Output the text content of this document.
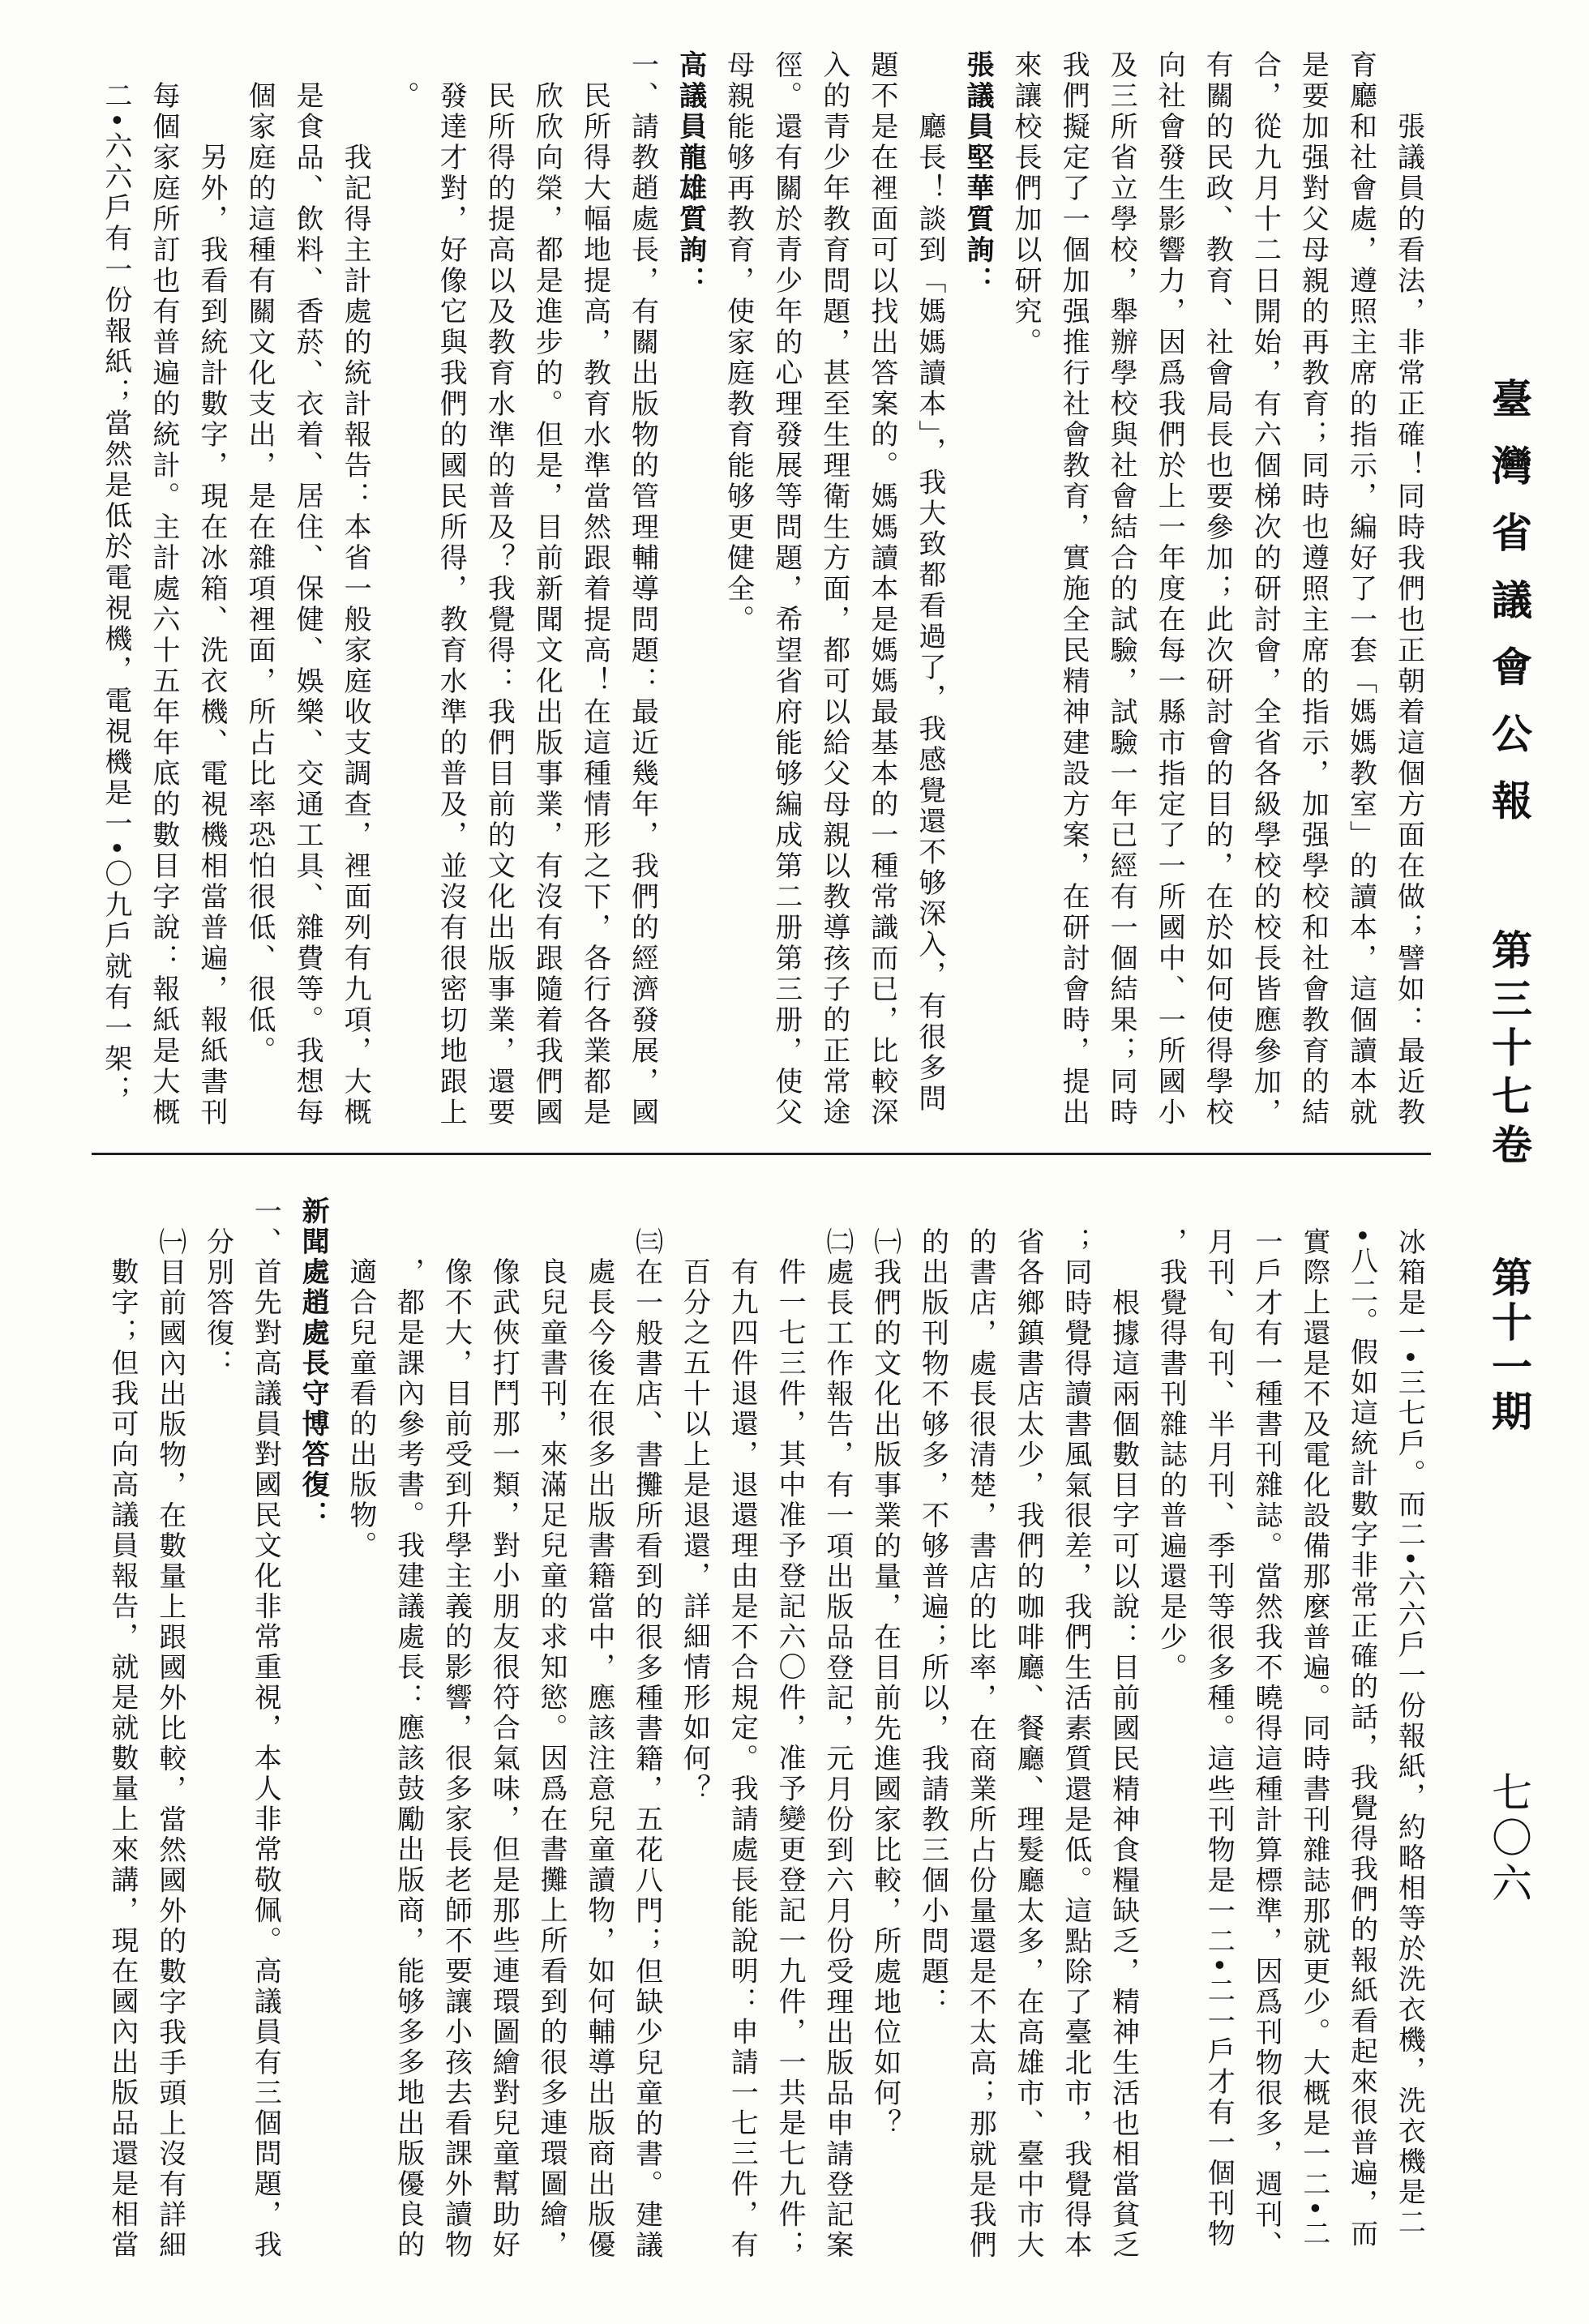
臺灣省議會公報
第三十七卷
第十一期
七〇六
張議員的看法，非常正確！同時我們也正朝着這個方面在做；譬如：最近教
育廳和社會處，遵照主席的指示，編好了一套「媽媽教室」的讀本，這個讀本就
是要加强對父母親的再教育；同時也遵照主席的指示，加强學校和社會教育的結
合，從九月十二日開始，有六個梯次的研討會，全省各級學校的校長皆應參加，
有關的民政、教育、社會局長也要參加；此次研討會的目的，在於如何使得學校
向社會發生影響力，因爲我們於上一年度在每一縣市指定了一所國中、一所國小
及三所省立學校，舉辦學校與社會結合的試驗，試驗一年已經有一個結果；同時
我們擬定了一個加强推行社會教育，實施全民精神建設方案，在研討會時，提出
來讓校長們加以研究。
張議員堅華質詢：
廳長！談到「媽媽讀本」，我大致都看過了，我感覺還不够深入，有很多問
題不是在裡面可以找出答案的。媽媽讀本是媽媽最基本的一種常識而已，比較深
入的青少年教育問題，甚至生理衛生方面，都可以給父母親以教導孩子的正常途
徑。還有關於青少年的心理發展等問題，希望省府能够編成第二册第三册，使父
母親能够再教育，使家庭教育能够更健全。
高議員龍雄質詢：
一、請教趙處長，有關出版物的管理輔導問題：最近幾年，我們的經濟發展，國
民所得大幅地提高，教育水準當然跟着提高！在這種情形之下，各行各業都是
欣欣向榮，都是進步的。但是，目前新聞文化出版事業，有沒有跟隨着我們國
民所得的提高以及教育水準的普及？我覺得：我們目前的文化出版事業，還要
發達才對，好像它與我們的國民所得，教育水準的普及，並沒有很密切地跟上
。
我記得主計處的統計報告：本省一般家庭收支調查，裡面列有九項，大概
是食品、飲料、香菸、衣着、居住、保健、娛樂、交通工具、雜費等。我想每
個家庭的這種有關文化支出，是在雜項裡面，所占比率恐怕很低、很低。
另外，我看到統計數字，現在冰箱、洗衣機、電視機相當普遍，報紙書刊
每個家庭所訂也有普遍的統計。主計處六十五年年底的數目字說：報紙是大概
二•六六戶有一份報紙；當然是低於電視機，電視機是一•〇九戶就有一架；
冰箱是一•三七戶。而二•六六戶一份報紙，約略相等於洗衣機，洗衣機是二
•八二。假如這統計數字非常正確的話，我覺得我們的報紙看起來很普遍，而
實際上還是不及電化設備那麼普遍。同時書刊雜誌那就更少。大概是一二•二
一戶才有一種書刊雜誌。當然我不曉得這種計算標準，因爲刊物很多，週刊、
月刊、旬刊、半月刊、季刊等很多種。這些刊物是一二•二一戶才有一個刊物
，我覺得書刊雜誌的普遍還是少。
根據這兩個數目字可以說：目前國民精神食糧缺乏，精神生活也相當貧乏
；同時覺得讀書風氣很差，我們生活素質還是低。這點除了臺北市，我覺得本
省各鄉鎮書店太少，我們的咖啡廳、餐廳、理髮廳太多，在高雄市、臺中市大
的書店，處長很清楚，書店的比率，在商業所占份量還是不太高；那就是我們
的出版刊物不够多，不够普遍；所以，我請教三個小問題：
㈠我們的文化出版事業的量，在目前先進國家比較，所處地位如何？
㈡處長工作報告，有一項出版品登記，元月份到六月份受理出版品申請登記案
件一七三件，其中准予登記六〇件，准予變更登記一九件，一共是七九件；
有九四件退還，退還理由是不合規定。我請處長能說明：申請一七三件，有
百分之五十以上是退還，詳細情形如何？
㈢在一般書店、書攤所看到的很多種書籍，五花八門；但缺少兒童的書。建議
處長今後在很多出版書籍當中，應該注意兒童讀物，如何輔導出版商出版優
良兒童書刊，來滿足兒童的求知慾。因爲在書攤上所看到的很多連環圖繪，
像武俠打鬥那一類，對小朋友很符合氣味，但是那些連環圖繪對兒童幫助好
像不大，目前受到升學主義的影響，很多家長老師不要讓小孩去看課外讀物
，都是課內參考書。我建議處長：應該鼓勵出版商，能够多多地出版優良的
適合兒童看的出版物。
新聞處趙處長守博答復：
一、首先對高議員對國民文化非常重視，本人非常敬佩。高議員有三個問題，我
分別答復：
㈠目前國內出版物，在數量上跟國外比較，當然國外的數字我手頭上沒有詳細
數字；但我可向高議員報告，就是就數量上來講，現在國內出版品還是相當
